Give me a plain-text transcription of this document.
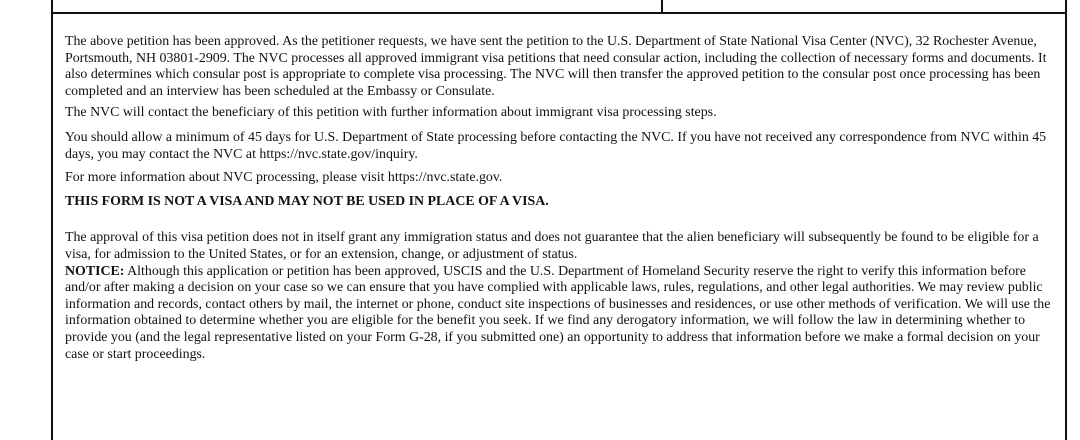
The above petition has been approved. As the petitioner requests, we have sent the petition to the U.S. Department of State National Visa Center (NVC), 32 Rochester Avenue, Portsmouth, NH 03801-2909. The NVC processes all approved immigrant visa petitions that need consular action, including the collection of necessary forms and documents. It also determines which consular post is appropriate to complete visa processing. The NVC will then transfer the approved petition to the consular post once processing has been completed and an interview has been scheduled at the Embassy or Consulate.

The NVC will contact the beneficiary of this petition with further information about immigrant visa processing steps.

You should allow a minimum of 45 days for U.S. Department of State processing before contacting the NVC. If you have not received any correspondence from NVC within 45 days, you may contact the NVC at https://nvc.state.gov/inquiry.

For more information about NVC processing, please visit https://nvc.state.gov.

THIS FORM IS NOT A VISA AND MAY NOT BE USED IN PLACE OF A VISA.

The approval of this visa petition does not in itself grant any immigration status and does not guarantee that the alien beneficiary will subsequently be found to be eligible for a visa, for admission to the United States, or for an extension, change, or adjustment of status.

NOTICE: Although this application or petition has been approved, USCIS and the U.S. Department of Homeland Security reserve the right to verify this information before and/or after making a decision on your case so we can ensure that you have complied with applicable laws, rules, regulations, and other legal authorities. We may review public information and records, contact others by mail, the internet or phone, conduct site inspections of businesses and residences, or use other methods of verification. We will use the information obtained to determine whether you are eligible for the benefit you seek. If we find any derogatory information, we will follow the law in determining whether to provide you (and the legal representative listed on your Form G-28, if you submitted one) an opportunity to address that information before we make a formal decision on your case or start proceedings.
